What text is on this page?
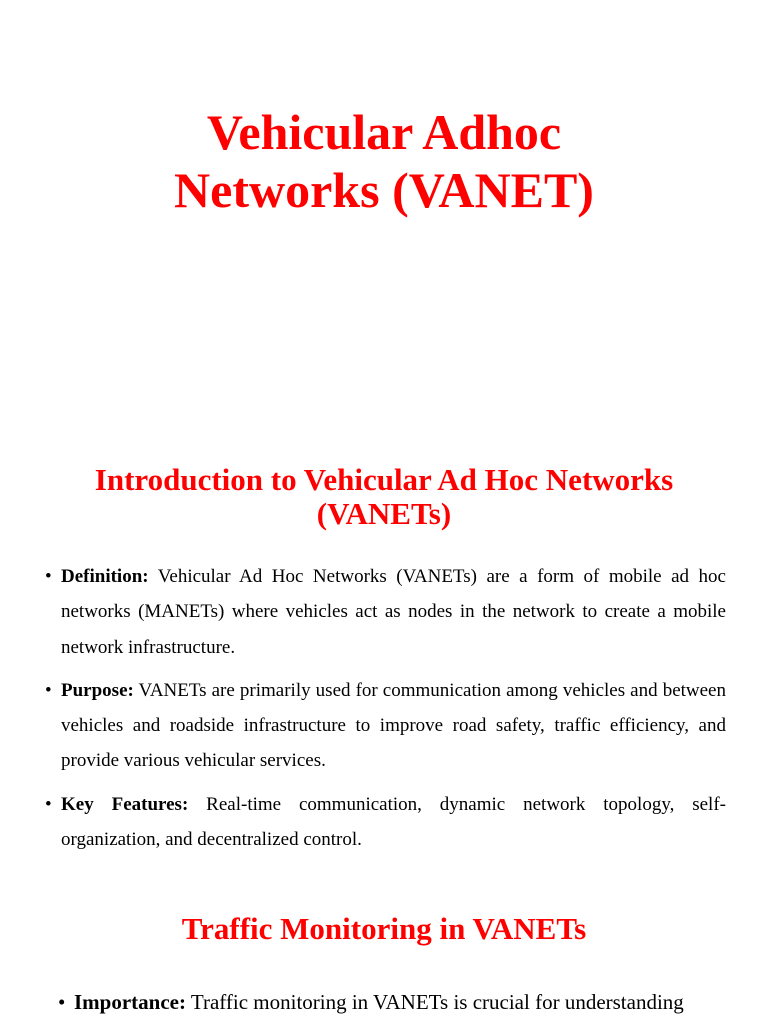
Vehicular Adhoc
Networks (VANET)
Introduction to Vehicular Ad Hoc Networks
(VANETs)
• Definition: Vehicular Ad Hoc Networks (VANETs) are a form of mobile ad hoc networks (MANETs) where vehicles act as nodes in the network to create a mobile network infrastructure.
• Purpose: VANETs are primarily used for communication among vehicles and between vehicles and roadside infrastructure to improve road safety, traffic efficiency, and provide various vehicular services.
• Key Features: Real-time communication, dynamic network topology, self-organization, and decentralized control.
Traffic Monitoring in VANETs
• Importance: Traffic monitoring in VANETs is crucial for understanding
